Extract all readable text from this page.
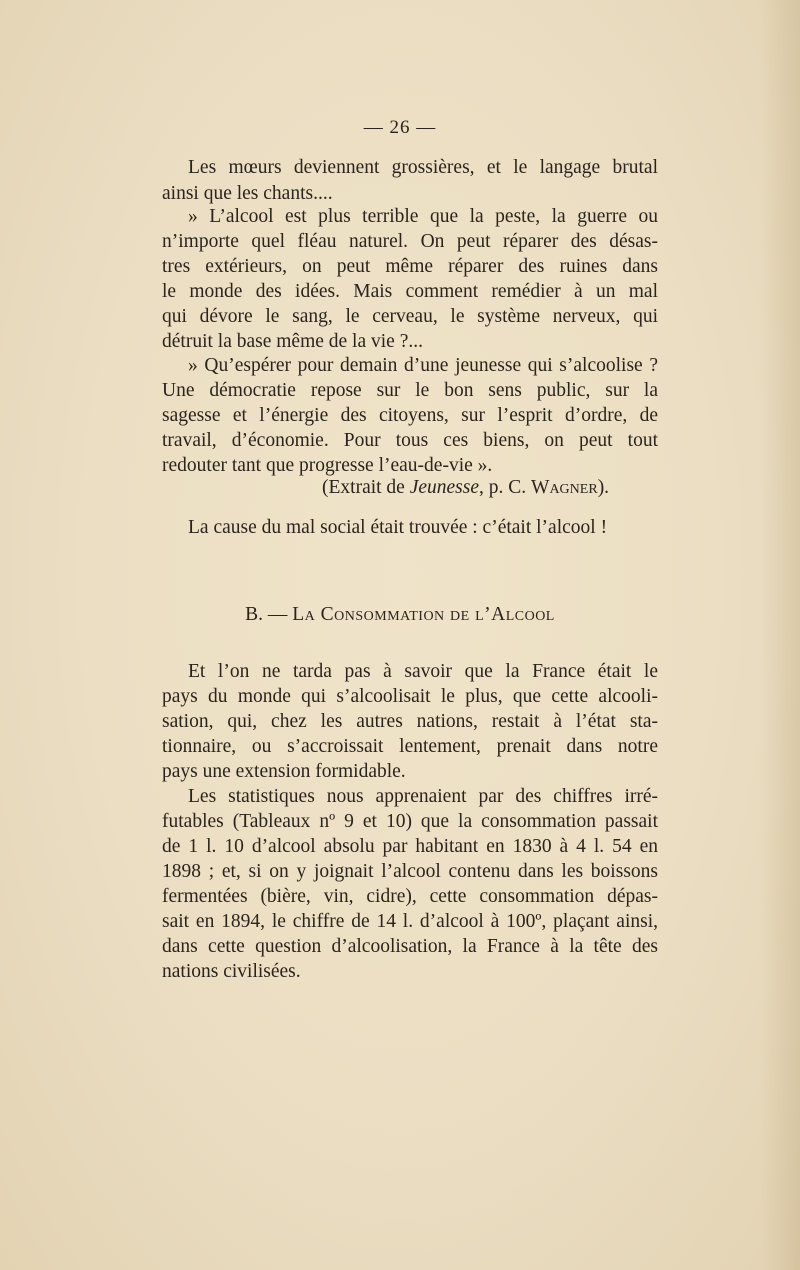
— 26 —
Les mœurs deviennent grossières, et le langage brutal
ainsi que les chants....
» L’alcool est plus terrible que la peste, la guerre ou
n’importe quel fléau naturel. On peut réparer des désas-
tres extérieurs, on peut même réparer des ruines dans
le monde des idées. Mais comment remédier à un mal
qui dévore le sang, le cerveau, le système nerveux, qui
détruit la base même de la vie ?...
» Qu’espérer pour demain d’une jeunesse qui s’alcoolise ?
Une démocratie repose sur le bon sens public, sur la
sagesse et l’énergie des citoyens, sur l’esprit d’ordre, de
travail, d’économie. Pour tous ces biens, on peut tout
redouter tant que progresse l’eau-de-vie ».
(Extrait de Jeunesse, p. C. Wagner).
La cause du mal social était trouvée : c’était l’alcool !
B. — La Consommation de l’Alcool
Et l’on ne tarda pas à savoir que la France était le
pays du monde qui s’alcoolisait le plus, que cette alcooli-
sation, qui, chez les autres nations, restait à l’état sta-
tionnaire, ou s’accroissait lentement, prenait dans notre
pays une extension formidable.
Les statistiques nous apprenaient par des chiffres irré-
futables (Tableaux nº 9 et 10) que la consommation passait
de 1 l. 10 d’alcool absolu par habitant en 1830 à 4 l. 54 en
1898 ; et, si on y joignait l’alcool contenu dans les boissons
fermentées (bière, vin, cidre), cette consommation dépas-
sait en 1894, le chiffre de 14 l. d’alcool à 100º, plaçant ainsi,
dans cette question d’alcoolisation, la France à la tête des
nations civilisées.
